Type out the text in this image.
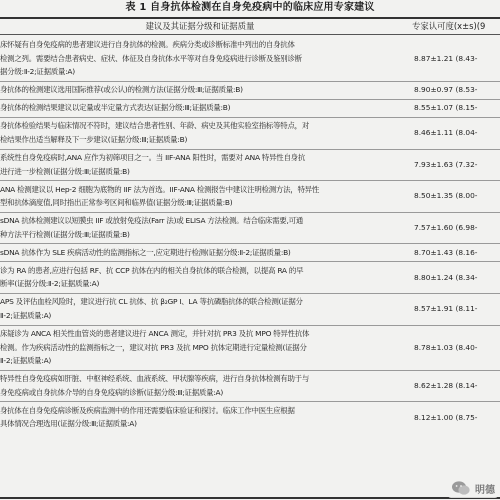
表 1 自身抗体检测在自身免疫病中的临床应用专家建议
建议及其证据分级和证据质量	专家认可度(x±s)(9
床怀疑有自身免疫病的患者建议进行自身抗体的检测。疾病分类或诊断标准中列出的自身抗体
检测之列。需要结合患者病史、症状、体征及自身抗体水平等对自身免疫病进行诊断及鉴别诊断
据分级:Ⅱ-2;证据质量:A)
8.87±1.21 (8.43-
身抗体的检测建议选用国际推荐(或公认)的检测方法(证据分级:Ⅲ;证据质量:B)	8.90±0.97 (8.53-
身抗体的检测结果建议以定量或半定量方式表达(证据分级:Ⅲ;证据质量:B)	8.55±1.07 (8.15-
身抗体检验结果与临床情况不符时，建议结合患者性别、年龄、病史及其他实验室指标等特点，对
检结果作出适当解释及下一步建议(证据分级:Ⅲ;证据质量:B)
8.46±1.11 (8.04-
系统性自身免疫病时,ANA 应作为初筛项目之一。当 IIF-ANA 阳性时，需要对 ANA 特异性自身抗
进行进一步检测(证据分级:Ⅲ;证据质量:B)
7.93±1.63 (7.32-
ANA 检测建议以 Hep-2 细胞为底物的 IIF 法为首选。IIF-ANA 检测报告中建议注明检测方法，特异性
型和抗体滴度值,同时指出正常参考区间和临界值(证据分级:Ⅲ;证据质量:B)
8.50±1.35 (8.00-
sDNA 抗体检测建议以短膜虫 IIF 或放射免疫法(Farr 法)或 ELISA 方法检测。结合临床需要,可通
种方法平行检测(证据分级:Ⅲ;证据质量:B)
7.57±1.60 (6.98-
sDNA 抗体作为 SLE 疾病活动性的监测指标之一,应定期进行检测(证据分级:Ⅱ-2;证据质量:B)	8.70±1.43 (8.16-
诊为 RA 的患者,应进行包括 RF、抗 CCP 抗体在内的相关自身抗体的联合检测，以提高 RA 的早
断率(证据分级:Ⅱ-2;证据质量:A)
8.80±1.24 (8.34-
APS 及评估血栓风险时，建议进行抗 CL 抗体、抗 β₂GP Ⅰ、LA 等抗磷脂抗体的联合检测(证据分
Ⅱ-2;证据质量:A)
8.57±1.91 (8.11-
床疑诊为 ANCA 相关性血管炎的患者建议进行 ANCA 测定，并针对抗 PR3 及抗 MPO 特异性抗体
检测。作为疾病活动性的监测指标之一，建议对抗 PR3 及抗 MPO 抗体定期进行定量检测(证据分
Ⅱ-2;证据质量:A)
8.78±1.03 (8.40-
特异性自身免疫病如肝脏、中枢神经系统、血液系统、甲状腺等疾病，进行自身抗体检测有助于与
身免疫病或自身抗体介导的自身免疫病的诊断(证据分级:Ⅲ;证据质量:A)
8.62±1.28 (8.14-
身抗体在自身免疫病诊断及疾病监测中的作用还需要临床验证和探讨。临床工作中医生应根据
具体情况合理选用(证据分级:Ⅲ;证据质量:A)
8.12±1.00 (8.75-
明德
